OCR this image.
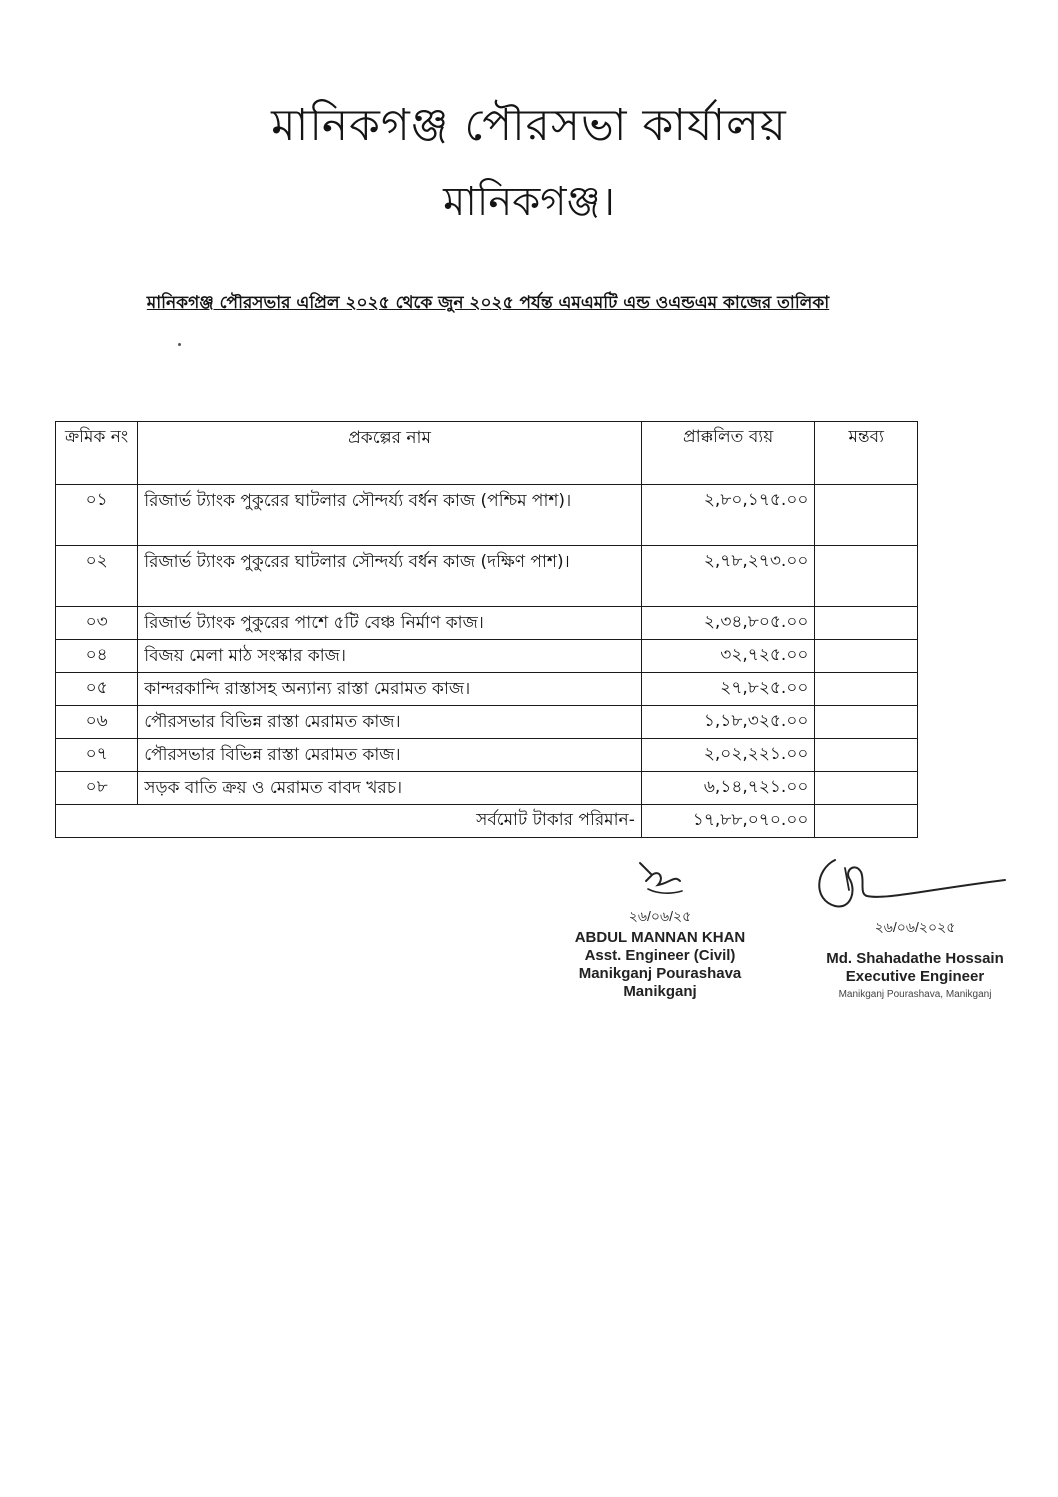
মানিকগঞ্জ পৌরসভা কার্যালয়
মানিকগঞ্জ।
মানিকগঞ্জ পৌরসভার এপ্রিল ২০২৫ থেকে জুন ২০২৫ পর্যন্ত এমএমটি এন্ড ওএন্ডএম কাজের তালিকা
ক্রমিক নং	প্রকল্পের নাম	প্রাক্কলিত ব্যয়	মন্তব্য
০১	রিজার্ভ ট্যাংক পুকুরের ঘাটলার সৌন্দর্য্য বর্ধন কাজ (পশ্চিম পাশ)।	২,৮০,১৭৫.০০	
০২	রিজার্ভ ট্যাংক পুকুরের ঘাটলার সৌন্দর্য্য বর্ধন কাজ (দক্ষিণ পাশ)।	২,৭৮,২৭৩.০০	
০৩	রিজার্ভ ট্যাংক পুকুরের পাশে ৫টি বেঞ্চ নির্মাণ কাজ।	২,৩৪,৮০৫.০০	
০৪	বিজয় মেলা মাঠ সংস্কার কাজ।	৩২,৭২৫.০০	
০৫	কান্দরকান্দি রাস্তাসহ অন্যান্য রাস্তা মেরামত কাজ।	২৭,৮২৫.০০	
০৬	পৌরসভার বিভিন্ন রাস্তা মেরামত কাজ।	১,১৮,৩২৫.০০	
০৭	পৌরসভার বিভিন্ন রাস্তা মেরামত কাজ।	২,০২,২২১.০০	
০৮	সড়ক বাতি ক্রয় ও মেরামত বাবদ খরচ।	৬,১৪,৭২১.০০	
সর্বমোট টাকার পরিমান-		১৭,৮৮,০৭০.০০	
২৬/০৬/২৫
ABDUL MANNAN KHAN
Asst. Engineer (Civil)
Manikganj Pourashava
Manikganj
২৬/০৬/২০২৫
Md. Shahadathe Hossain
Executive Engineer
Manikganj Pourashava, Manikganj
